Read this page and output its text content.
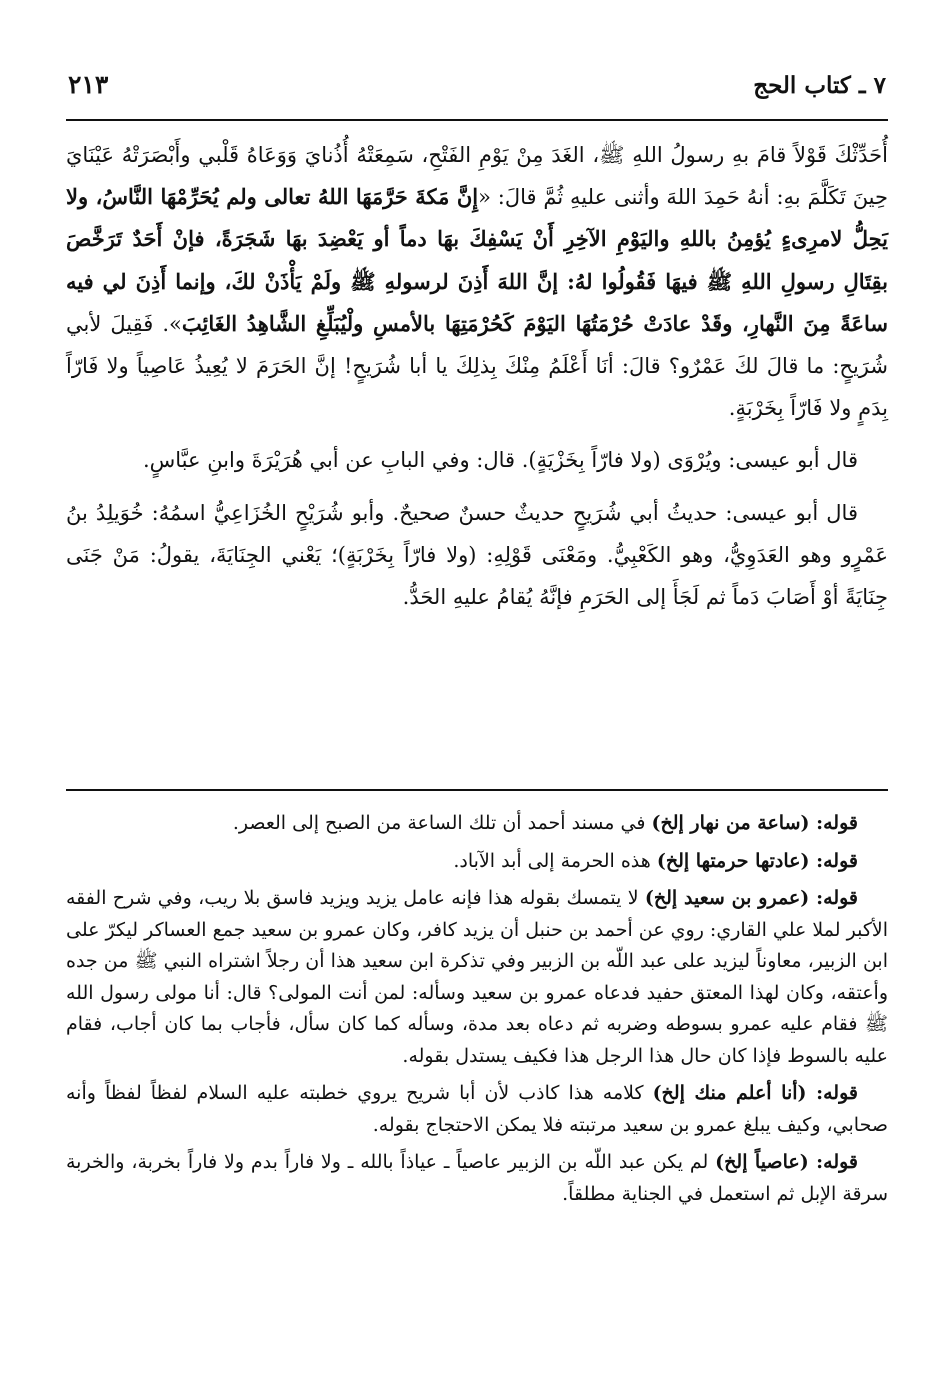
٧ ـ كتاب الحج
٢١٣

أُحَدِّثْكَ قَوْلاً قامَ بهِ رسولُ اللهِ ﷺ، الغَدَ مِنْ يَوْمِ الفَتْحِ، سَمِعَتْهُ أُذُنايَ وَوَعَاهُ قَلْبي وأَبْصَرَتْهُ عَيْنَايَ حِينَ تَكَلَّمَ بهِ: أنهُ حَمِدَ اللهَ وأثنى عليهِ ثُمَّ قالَ: «إِنَّ مَكةَ حَرَّمَهَا اللهُ تعالى ولم يُحَرِّمْهَا النَّاسُ، ولا يَحِلُّ لامرِىءٍ يُؤمِنُ باللهِ واليَوْمِ الآخِرِ أَنْ يَسْفِكَ بهَا دماً أو يَعْضِدَ بهَا شَجَرَةً، فإنْ أَحَدٌ تَرَخَّصَ بقِتَالِ رسولِ اللهِ ﷺ فيهَا فَقُولُوا لهُ: إنَّ اللهَ أَذِنَ لرسولهِ ﷺ ولَمْ يَأْذَنْ لكَ، وإنما أَذِنَ لي فيه ساعَةً مِنَ النَّهارِ، وقَدْ عادَتْ حُرْمَتُهَا اليَوْمَ كَحُرْمَتِهَا بالأمسِ ولْيُبَلِّغِ الشَّاهِدُ الغَائِبَ». فَقِيلَ لأبي شُرَيحٍ: ما قالَ لكَ عَمْرٌو؟ قالَ: أنَا أَعْلَمُ مِنْكَ بِذلِكَ يا أبا شُرَيحٍ! إنَّ الحَرَمَ لا يُعِيذُ عَاصِياً ولا فَارّاً بِدَمٍ ولا فَارّاً بِخَرْبَةٍ.

قال أبو عيسى: ويُرْوَى (ولا فارّاً بِخَزْيَةٍ). قال: وفي البابِ عن أبي هُرَيْرَةَ وابنِ عبَّاسٍ.

قال أبو عيسى: حديثُ أبي شُرَيحٍ حديثٌ حسنٌ صحيحٌ. وأبو شُرَيْحٍ الخُزَاعِيُّ اسمُهُ: خُوَيلِدُ بنُ عَمْرٍو وهو العَدَوِيُّ، وهو الكَعْبِيُّ. ومَعْنَى قَوْلِهِ: (ولا فارّاً بِخَرْبَةٍ)؛ يَعْني الجِنَايَةَ، يقولُ: مَنْ جَنَى جِنَايَةً أوْ أَصَابَ دَماً ثم لَجَأَ إلى الحَرَمِ فإنَّهُ يُقامُ عليهِ الحَدُّ.

قوله: (ساعة من نهار إلخ) في مسند أحمد أن تلك الساعة من الصبح إلى العصر.

قوله: (عادتها حرمتها إلخ) هذه الحرمة إلى أبد الآباد.

قوله: (عمرو بن سعيد إلخ) لا يتمسك بقوله هذا فإنه عامل يزيد ويزيد فاسق بلا ريب، وفي شرح الفقه الأكبر لملا علي القاري: روي عن أحمد بن حنبل أن يزيد كافر، وكان عمرو بن سعيد جمع العساكر ليكرّ على ابن الزبير، معاوناً ليزيد على عبد اللّه بن الزبير وفي تذكرة ابن سعيد هذا أن رجلاً اشتراه النبي ﷺ من جده وأعتقه، وكان لهذا المعتق حفيد فدعاه عمرو بن سعيد وسأله: لمن أنت المولى؟ قال: أنا مولى رسول الله ﷺ فقام عليه عمرو بسوطه وضربه ثم دعاه بعد مدة، وسأله كما كان سأل، فأجاب بما كان أجاب، فقام عليه بالسوط فإذا كان حال هذا الرجل هذا فكيف يستدل بقوله.

قوله: (أنا أعلم منك إلخ) كلامه هذا كاذب لأن أبا شريح يروي خطبته عليه السلام لفظاً لفظاً وأنه صحابي، وكيف يبلغ عمرو بن سعيد مرتبته فلا يمكن الاحتجاج بقوله.

قوله: (عاصياً إلخ) لم يكن عبد اللّه بن الزبير عاصياً ـ عياذاً بالله ـ ولا فاراً بدم ولا فاراً بخربة، والخربة سرقة الإبل ثم استعمل في الجناية مطلقاً.
